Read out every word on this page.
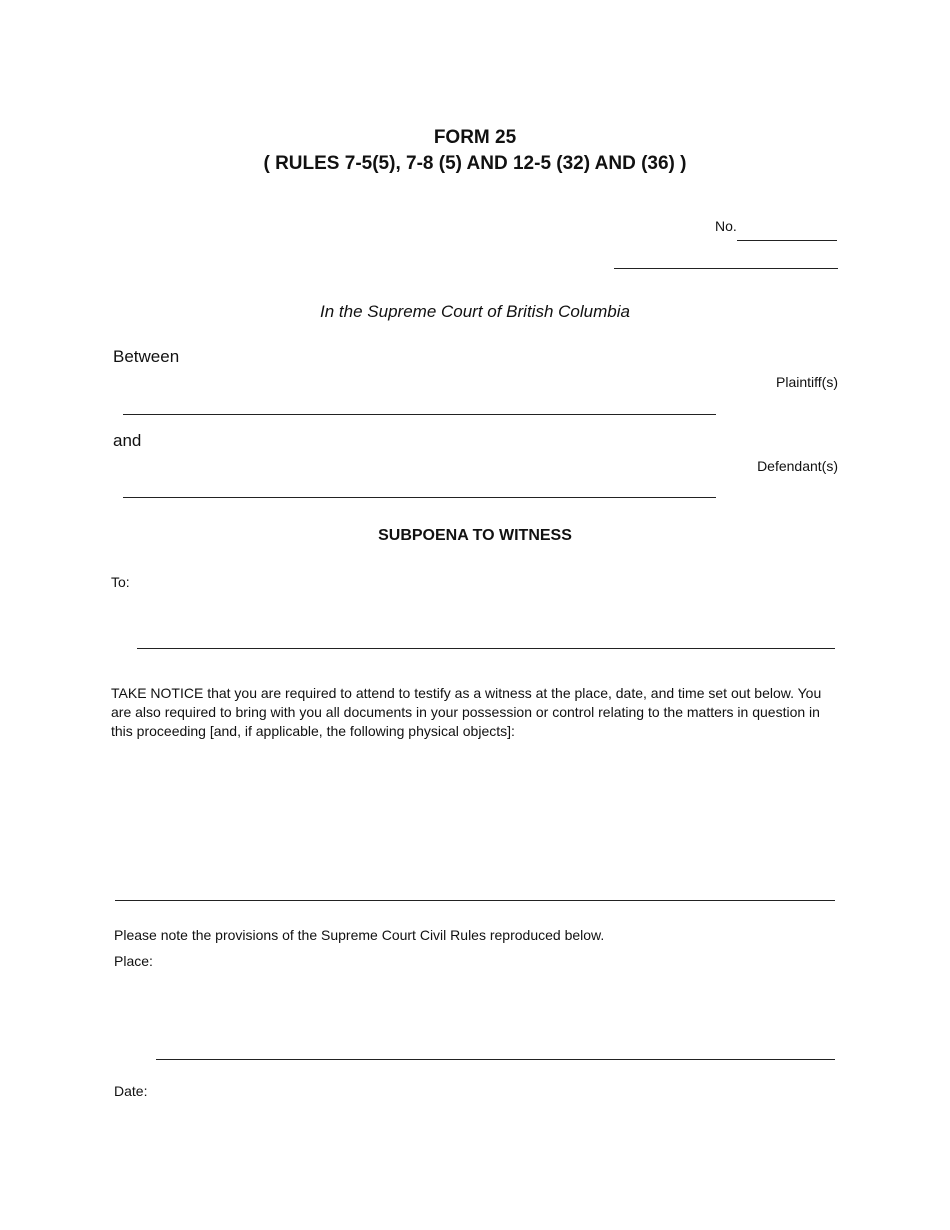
FORM 25
( RULES 7-5(5), 7-8 (5) AND 12-5 (32) AND (36) )
No.
In the Supreme Court of British Columbia
Between
Plaintiff(s)
and
Defendant(s)
SUBPOENA TO WITNESS
To:
TAKE NOTICE that you are required to attend to testify as a witness at the place, date, and time set out below. You are also required to bring with you all documents in your possession or control relating to the matters in question in this proceeding [and, if applicable, the following physical objects]:
Please note the provisions of the Supreme Court Civil Rules reproduced below.
Place:
Date:
